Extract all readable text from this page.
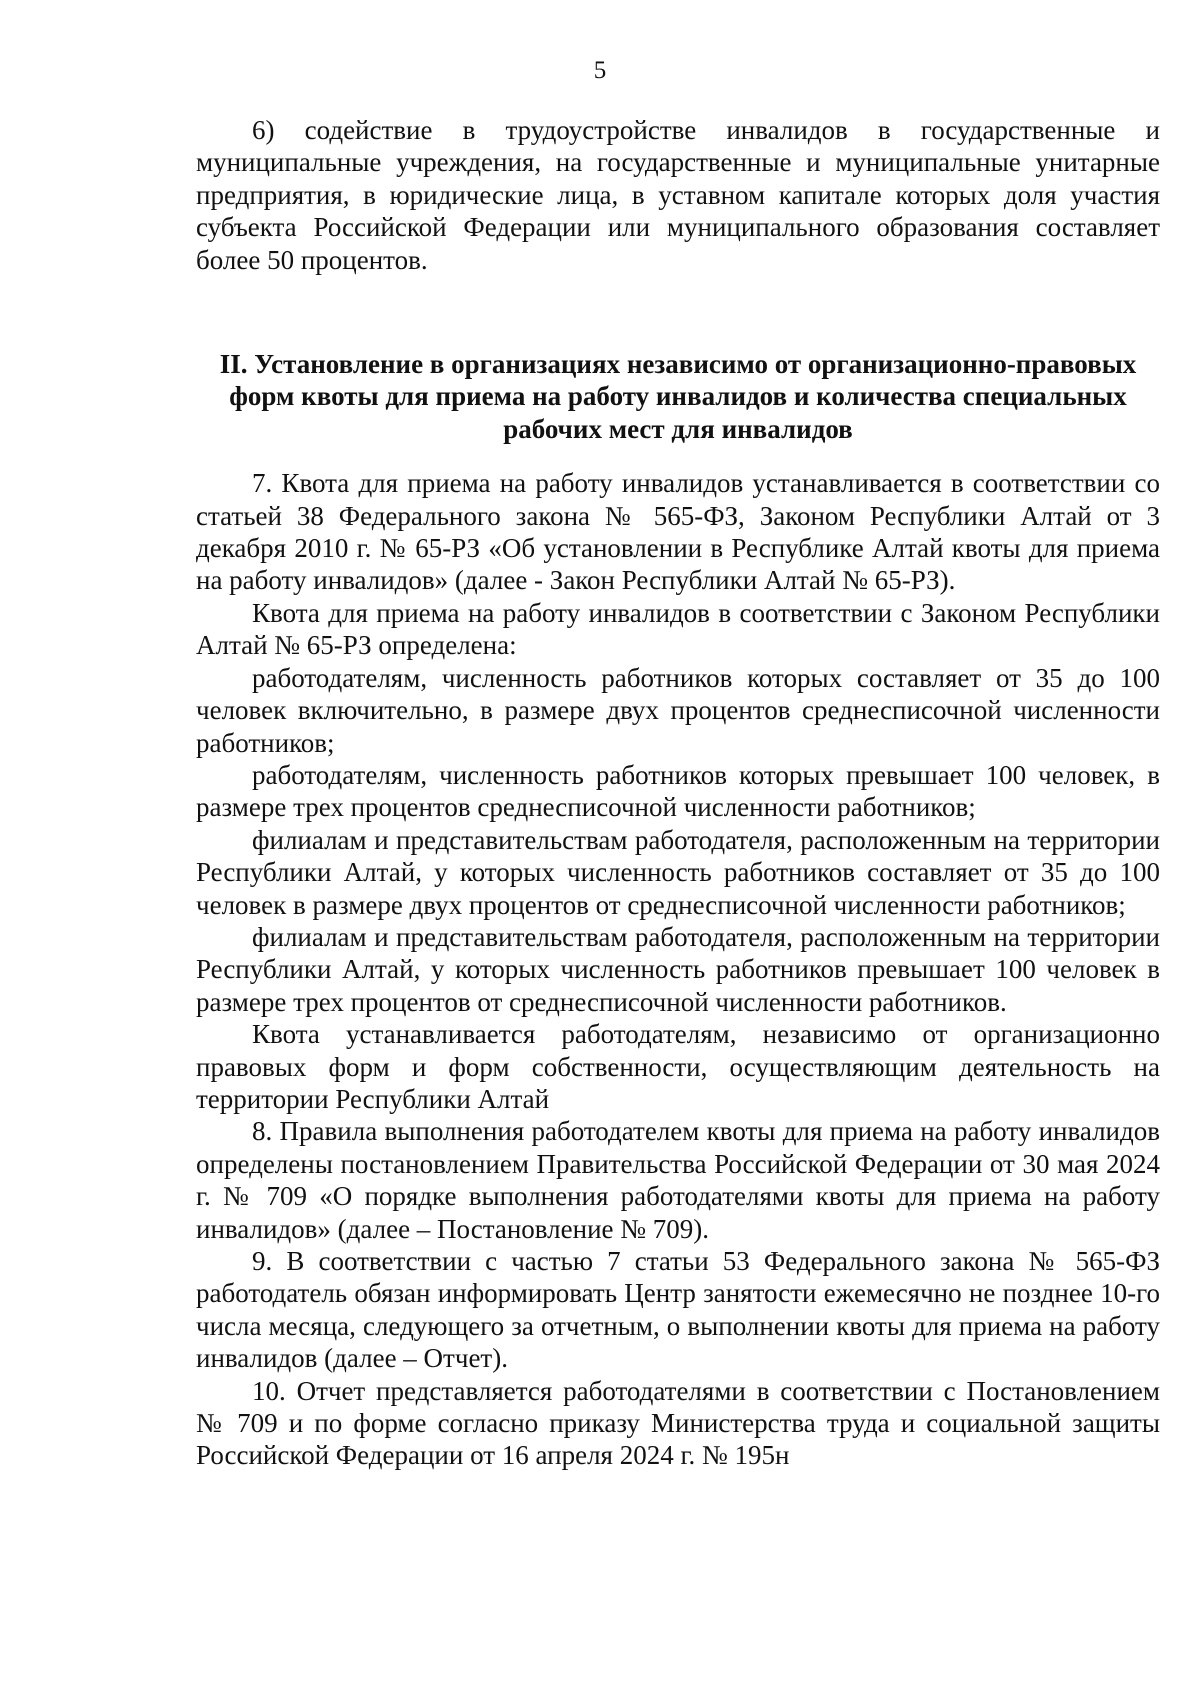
5

6) содействие в трудоустройстве инвалидов в государственные и муниципальные учреждения, на государственные и муниципальные унитарные предприятия, в юридические лица, в уставном капитале которых доля участия субъекта Российской Федерации или муниципального образования составляет более 50 процентов.

II. Установление в организациях независимо от организационно-правовых форм квоты для приема на работу инвалидов и количества специальных рабочих мест для инвалидов

7. Квота для приема на работу инвалидов устанавливается в соответствии со статьей 38 Федерального закона № 565-ФЗ, Законом Республики Алтай от 3 декабря 2010 г. № 65-РЗ «Об установлении в Республике Алтай квоты для приема на работу инвалидов» (далее - Закон Республики Алтай № 65-РЗ).

Квота для приема на работу инвалидов в соответствии с Законом Республики Алтай № 65-РЗ определена:

работодателям, численность работников которых составляет от 35 до 100 человек включительно, в размере двух процентов среднесписочной численности работников;

работодателям, численность работников которых превышает 100 человек, в размере трех процентов среднесписочной численности работников;

филиалам и представительствам работодателя, расположенным на территории Республики Алтай, у которых численность работников составляет от 35 до 100 человек в размере двух процентов от среднесписочной численности работников;

филиалам и представительствам работодателя, расположенным на территории Республики Алтай, у которых численность работников превышает 100 человек в размере трех процентов от среднесписочной численности работников.

Квота устанавливается работодателям, независимо от организационно правовых форм и форм собственности, осуществляющим деятельность на территории Республики Алтай

8. Правила выполнения работодателем квоты для приема на работу инвалидов определены постановлением Правительства Российской Федерации от 30 мая 2024 г. № 709 «О порядке выполнения работодателями квоты для приема на работу инвалидов» (далее – Постановление № 709).

9. В соответствии с частью 7 статьи 53 Федерального закона № 565-ФЗ работодатель обязан информировать Центр занятости ежемесячно не позднее 10-го числа месяца, следующего за отчетным, о выполнении квоты для приема на работу инвалидов (далее – Отчет).

10. Отчет представляется работодателями в соответствии с Постановлением № 709 и по форме согласно приказу Министерства труда и социальной защиты Российской Федерации от 16 апреля 2024 г. № 195н
